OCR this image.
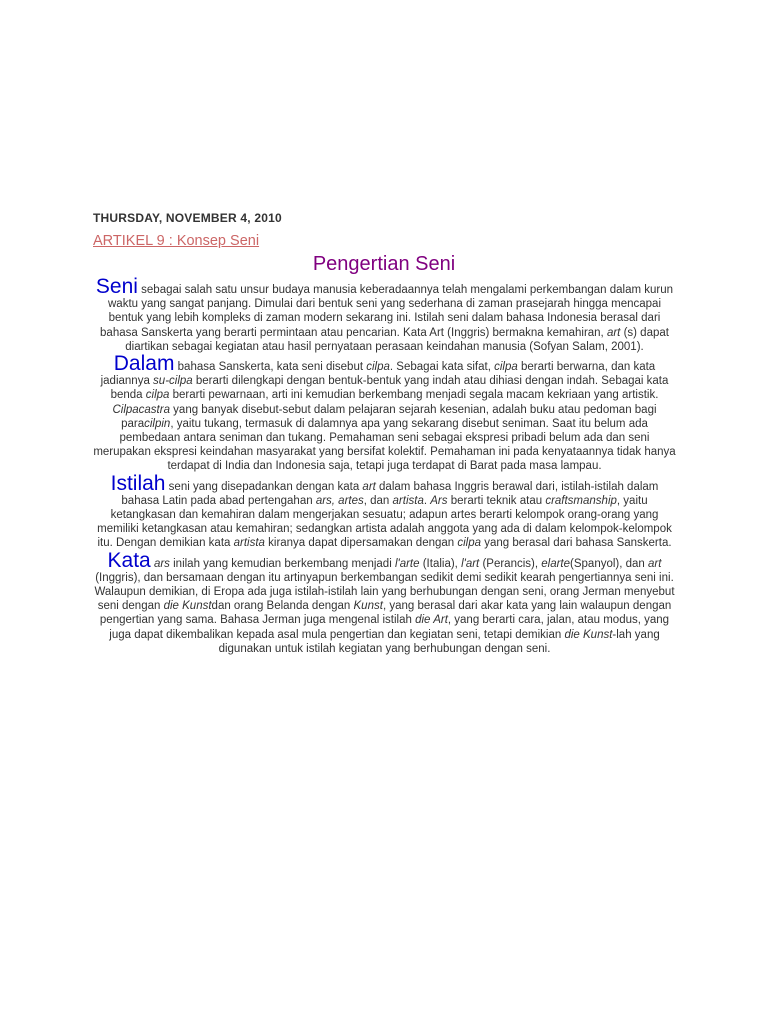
THURSDAY, NOVEMBER 4, 2010
ARTIKEL 9 : Konsep Seni
Pengertian Seni

Seni sebagai salah satu unsur budaya manusia keberadaannya telah mengalami perkembangan dalam kurun waktu yang sangat panjang. Dimulai dari bentuk seni yang sederhana di zaman prasejarah hingga mencapai bentuk yang lebih kompleks di zaman modern sekarang ini. Istilah seni dalam bahasa Indonesia berasal dari bahasa Sanskerta yang berarti permintaan atau pencarian. Kata Art (Inggris) bermakna kemahiran, art (s) dapat diartikan sebagai kegiatan atau hasil pernyataan perasaan keindahan manusia (Sofyan Salam, 2001).

Dalam bahasa Sanskerta, kata seni disebut cilpa. Sebagai kata sifat, cilpa berarti berwarna, dan kata jadiannya su-cilpa berarti dilengkapi dengan bentuk-bentuk yang indah atau dihiasi dengan indah. Sebagai kata benda cilpa berarti pewarnaan, arti ini kemudian berkembang menjadi segala macam kekriaan yang artistik. Cilpacastra yang banyak disebut-sebut dalam pelajaran sejarah kesenian, adalah buku atau pedoman bagi paracilpin, yaitu tukang, termasuk di dalamnya apa yang sekarang disebut seniman. Saat itu belum ada pembedaan antara seniman dan tukang. Pemahaman seni sebagai ekspresi pribadi belum ada dan seni merupakan ekspresi keindahan masyarakat yang bersifat kolektif. Pemahaman ini pada kenyataannya tidak hanya terdapat di India dan Indonesia saja, tetapi juga terdapat di Barat pada masa lampau.

Istilah seni yang disepadankan dengan kata art dalam bahasa Inggris berawal dari, istilah-istilah dalam bahasa Latin pada abad pertengahan ars, artes, dan artista. Ars berarti teknik atau craftsmanship, yaitu ketangkasan dan kemahiran dalam mengerjakan sesuatu; adapun artes berarti kelompok orang-orang yang memiliki ketangkasan atau kemahiran; sedangkan artista adalah anggota yang ada di dalam kelompok-kelompok itu. Dengan demikian kata artista kiranya dapat dipersamakan dengan cilpa yang berasal dari bahasa Sanskerta.

Kata ars inilah yang kemudian berkembang menjadi l'arte (Italia), l'art (Perancis), elarte(Spanyol), dan art (Inggris), dan bersamaan dengan itu artinyapun berkembangan sedikit demi sedikit kearah pengertiannya seni ini. Walaupun demikian, di Eropa ada juga istilah-istilah lain yang berhubungan dengan seni, orang Jerman menyebut seni dengan die Kunstdan orang Belanda dengan Kunst, yang berasal dari akar kata yang lain walaupun dengan pengertian yang sama. Bahasa Jerman juga mengenal istilah die Art, yang berarti cara, jalan, atau modus, yang juga dapat dikembalikan kepada asal mula pengertian dan kegiatan seni, tetapi demikian die Kunst-lah yang digunakan untuk istilah kegiatan yang berhubungan dengan seni.
